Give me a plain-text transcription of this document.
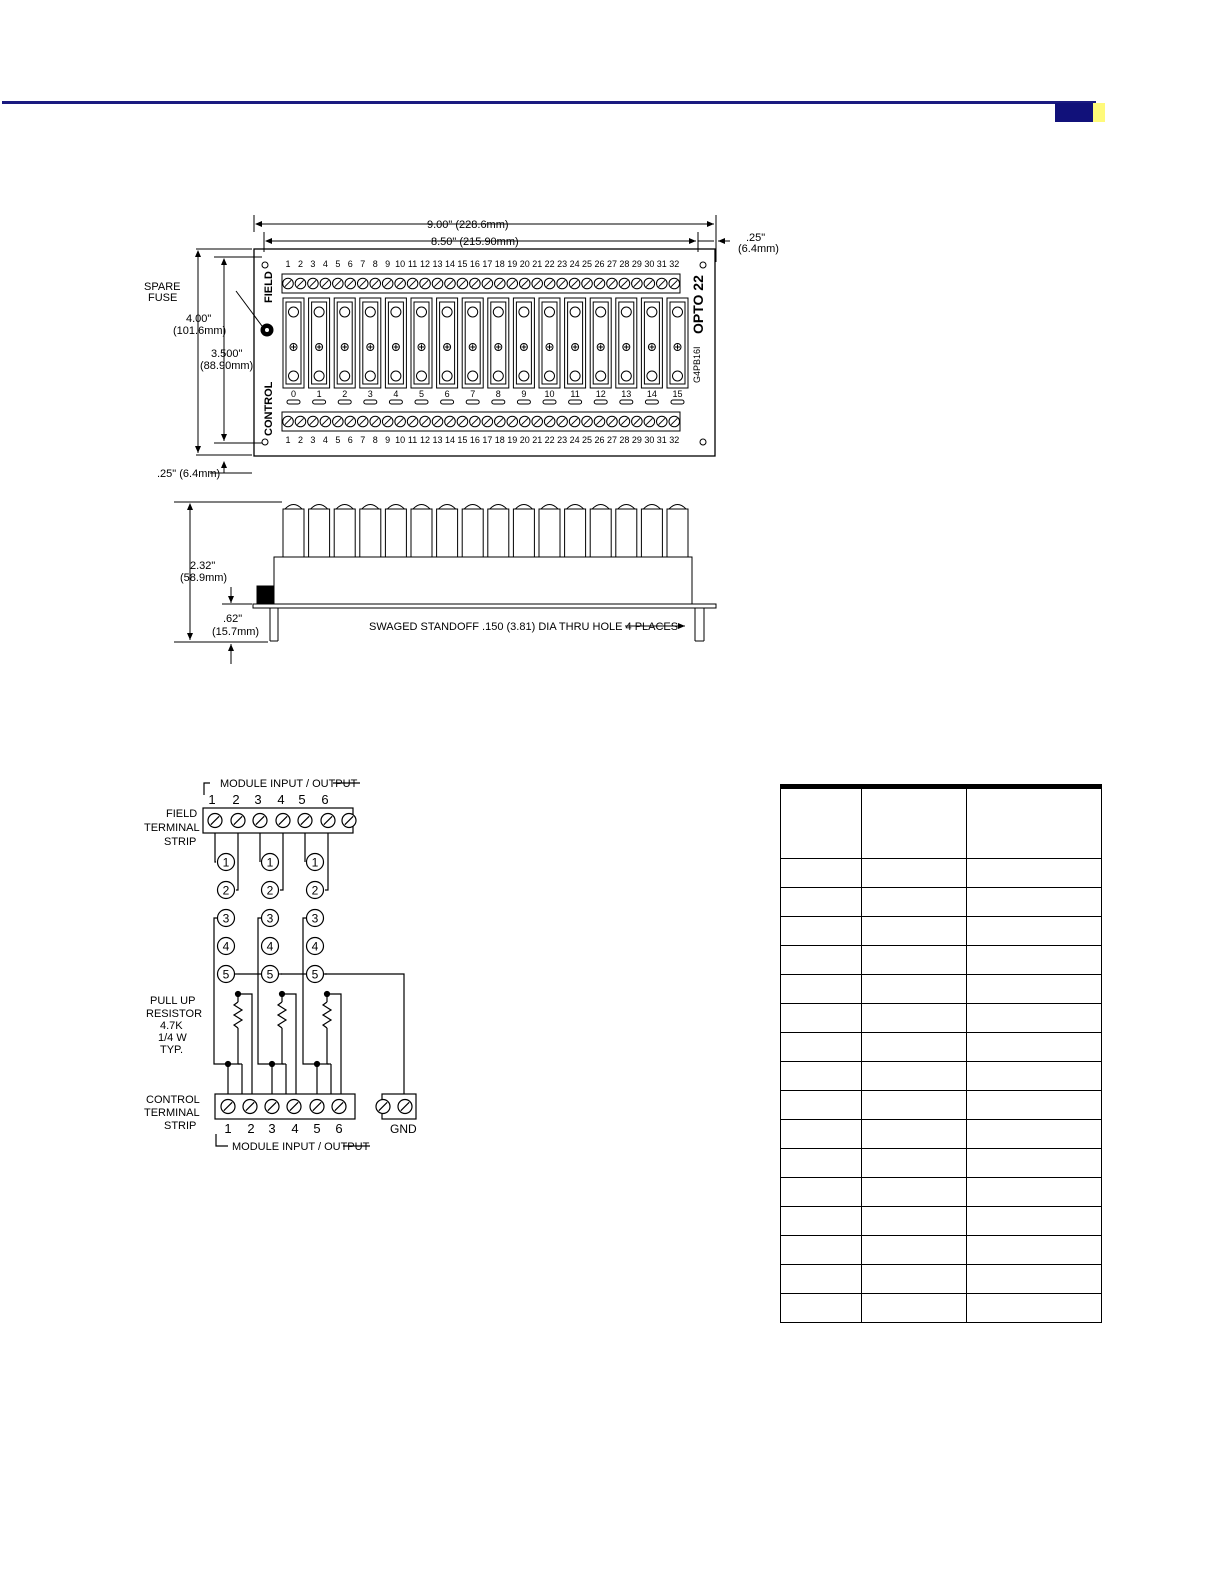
1
1
2
2
3
3
4
4
5
5
6
6
7
7
8
8
9
9
10
10
11
11
12
12
13
13
14
14
15
15
16
16
17
17
18
18
19
19
20
20
21
21
22
22
23
23
24
24
25
25
26
26
27
27
28
28
29
29
30
30
31
31
32
32
0 1 2 3 4 5 6 7 8 9 10 11 12 13 14 15
9.00" (228.6mm)
8.50" (215.90mm)	.25"
(6.4mm)
4.00"
(101.6mm)
3.500"
(88.90mm)
.25" (6.4mm)
SPARE
FUSE	FIELD
CONTROL
OPTO 22
G4PB16I
2.32"
(58.9mm)
.62"
(15.7mm)	SWAGED STANDOFF .150 (3.81) DIA THRU HOLE 4 PLACES
MODULE INPUT / OUTPUT
MODULE INPUT / OUTPUT
FIELD
TERMINAL
STRIP
PULL UP
RESISTOR
4.7K
1/4 W
TYP.
CONTROL
TERMINAL
STRIP	GND
1 2 3 4 5 6
1 2 3 4 5 6
1
2
3
4
5
1
2
3
4
5
1
2
3
4
5
